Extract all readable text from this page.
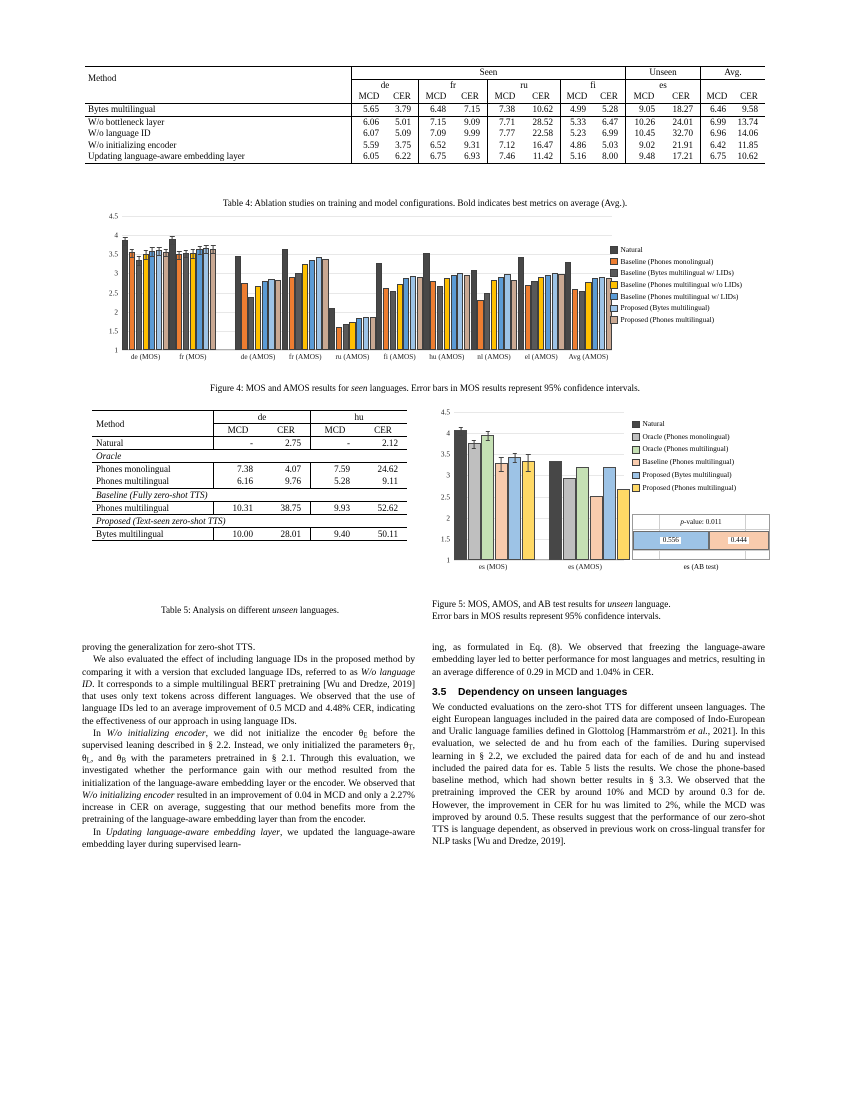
Method	Seen								Unseen		Avg.	
	de		fr		ru		fi		es			
	MCD	CER	MCD	CER	MCD	CER	MCD	CER	MCD	CER	MCD	CER
Bytes multilingual	5.65	3.79	6.48	7.15	7.38	10.62	4.99	5.28	9.05	18.27	6.46	9.58
W/o bottleneck layer	6.06	5.01	7.15	9.09	7.71	28.52	5.33	6.47	10.26	24.01	6.99	13.74
W/o language ID	6.07	5.09	7.09	9.99	7.77	22.58	5.23	6.99	10.45	32.70	6.96	14.06
W/o initializing encoder	5.59	3.75	6.52	9.31	7.12	16.47	4.86	5.03	9.02	21.91	6.42	11.85
Updating language-aware embedding layer	6.05	6.22	6.75	6.93	7.46	11.42	5.16	8.00	9.48	17.21	6.75	10.62
Table 4: Ablation studies on training and model configurations. Bold indicates best metrics on average (Avg.).
1
1.5
2
2.5
3
3.5
4
4.5
de (MOS)	fr (MOS)	de (AMOS)	fr (AMOS)	ru (AMOS)	fi (AMOS)	hu (AMOS)	nl (AMOS)	el (AMOS)	Avg (AMOS)
Natural
Baseline (Phones monolingual)
Baseline (Bytes multilingual w/ LIDs)
Baseline (Phones multilingual w/o LIDs)
Baseline (Phones multilingual w/ LIDs)
Proposed (Bytes multilingual)
Proposed (Phones multilingual)
Figure 4: MOS and AMOS results for seen languages. Error bars in MOS results represent 95% confidence intervals.
Method	de		hu	
	MCD	CER	MCD	CER
Natural	-	2.75	-	2.12
Oracle				
Phones monolingual	7.38	4.07	7.59	24.62
Phones multilingual	6.16	9.76	5.28	9.11
Baseline (Fully zero-shot TTS)				
Phones multilingual	10.31	38.75	9.93	52.62
Proposed (Text-seen zero-shot TTS)				
Bytes multilingual	10.00	28.01	9.40	50.11
Table 5: Analysis on different unseen languages.
1
1.5
2
2.5
3
3.5
4
4.5
es (MOS)	es (AMOS)
Natural
Oracle (Phones monolingual)
Oracle (Phones multilingual)
Baseline (Phones multilingual)
Proposed (Bytes multilingual)
Proposed (Phones multilingual)
p-value: 0.011
0.556	0.444
es (AB test)
Figure 5: MOS, AMOS, and AB test results for unseen language.
Error bars in MOS results represent 95% confidence intervals.

proving the generalization for zero-shot TTS.

We also evaluated the effect of including language IDs in the proposed method by comparing it with a version that excluded language IDs, referred to as W/o language ID. It corresponds to a simple multilingual BERT pretraining [Wu and Dredze, 2019] that uses only text tokens across different languages. We observed that the use of language IDs led to an average improvement of 0.5 MCD and 4.48% CER, indicating the effectiveness of our approach in using language IDs.

In W/o initializing encoder, we did not initialize the encoder $\theta_E$ before the supervised leaning described in § 2.2. Instead, we only initialized the parameters $\theta_T$, $\theta_L$, and $\theta_B$ with the parameters pretrained in § 2.1. Through this evaluation, we investigated whether the performance gain with our method resulted from the initialization of the language-aware embedding layer or the encoder. We observed that W/o initializing encoder resulted in an improvement of 0.04 in MCD and only a 2.27% increase in CER on average, suggesting that our method benefits more from the pretraining of the language-aware embedding layer than from the encoder.

In Updating language-aware embedding layer, we updated the language-aware embedding layer during supervised learn-

ing, as formulated in Eq. (8). We observed that freezing the language-aware embedding layer led to better performance for most languages and metrics, resulting in an average difference of 0.29 in MCD and 1.04% in CER.

3.5 Dependency on unseen languages

We conducted evaluations on the zero-shot TTS for different unseen languages. The eight European languages included in the paired data are composed of Indo-European and Uralic language families defined in Glottolog [Hammarström et al., 2021]. In this evaluation, we selected de and hu from each of the families. During supervised learning in § 2.2, we excluded the paired data for each of de and hu and instead included the paired data for es. Table 5 lists the results. We chose the phone-based baseline method, which had shown better results in § 3.3. We observed that the pretraining improved the CER by around 10% and MCD by around 0.3 for de. However, the improvement in CER for hu was limited to 2%, while the MCD was improved by around 0.5. These results suggest that the performance of our zero-shot TTS is language dependent, as observed in previous work on cross-lingual transfer for NLP tasks [Wu and Dredze, 2019].
